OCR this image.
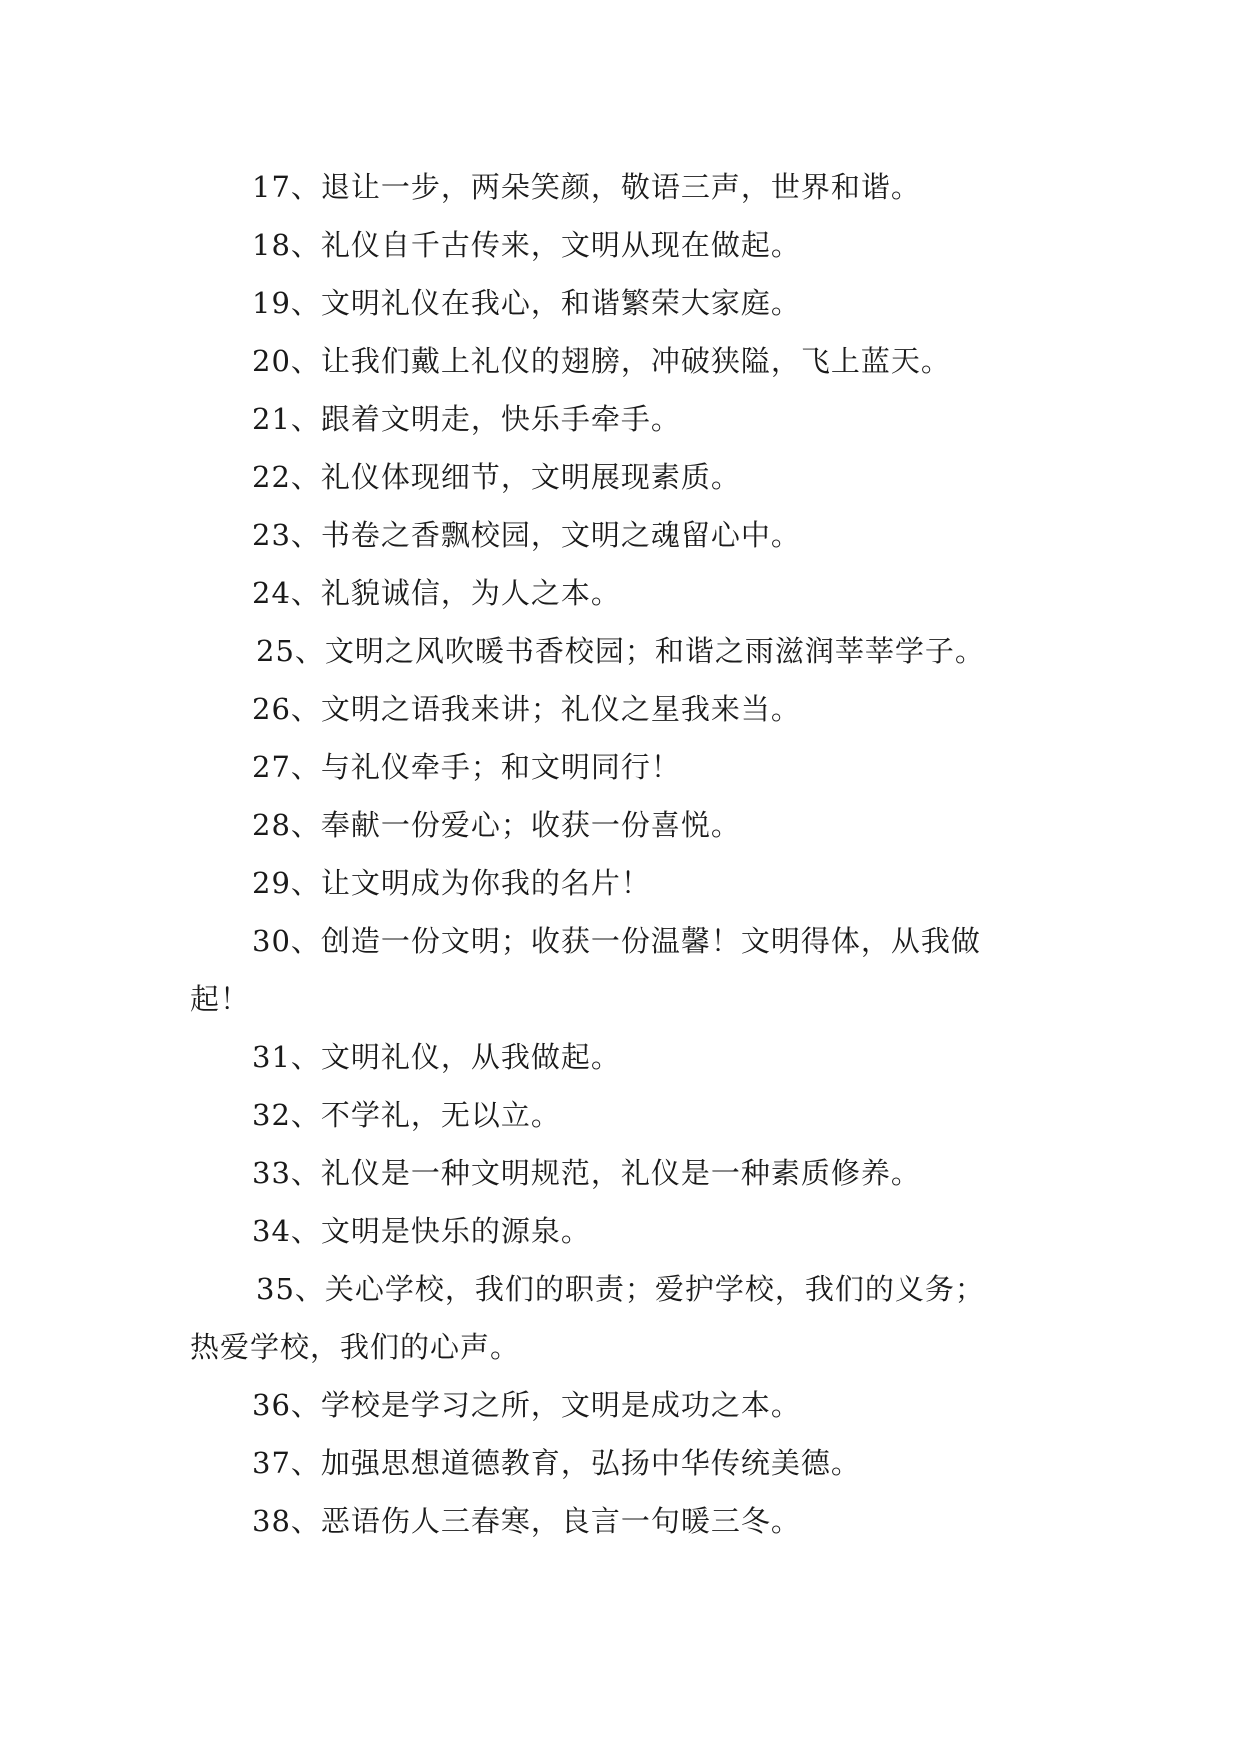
17、退让一步，两朵笑颜，敬语三声，世界和谐。
18、礼仪自千古传来，文明从现在做起。
19、文明礼仪在我心，和谐繁荣大家庭。
20、让我们戴上礼仪的翅膀，冲破狭隘，飞上蓝天。
21、跟着文明走，快乐手牵手。
22、礼仪体现细节，文明展现素质。
23、书卷之香飘校园，文明之魂留心中。
24、礼貌诚信，为人之本。
25、文明之风吹暖书香校园；和谐之雨滋润莘莘学子。
26、文明之语我来讲；礼仪之星我来当。
27、与礼仪牵手；和文明同行！
28、奉献一份爱心；收获一份喜悦。
29、让文明成为你我的名片！
30、创造一份文明；收获一份温馨！文明得体，从我做
起！
31、文明礼仪，从我做起。
32、不学礼，无以立。
33、礼仪是一种文明规范，礼仪是一种素质修养。
34、文明是快乐的源泉。
35、关心学校，我们的职责；爱护学校，我们的义务；
热爱学校，我们的心声。
36、学校是学习之所，文明是成功之本。
37、加强思想道德教育，弘扬中华传统美德。
38、恶语伤人三春寒，良言一句暖三冬。
